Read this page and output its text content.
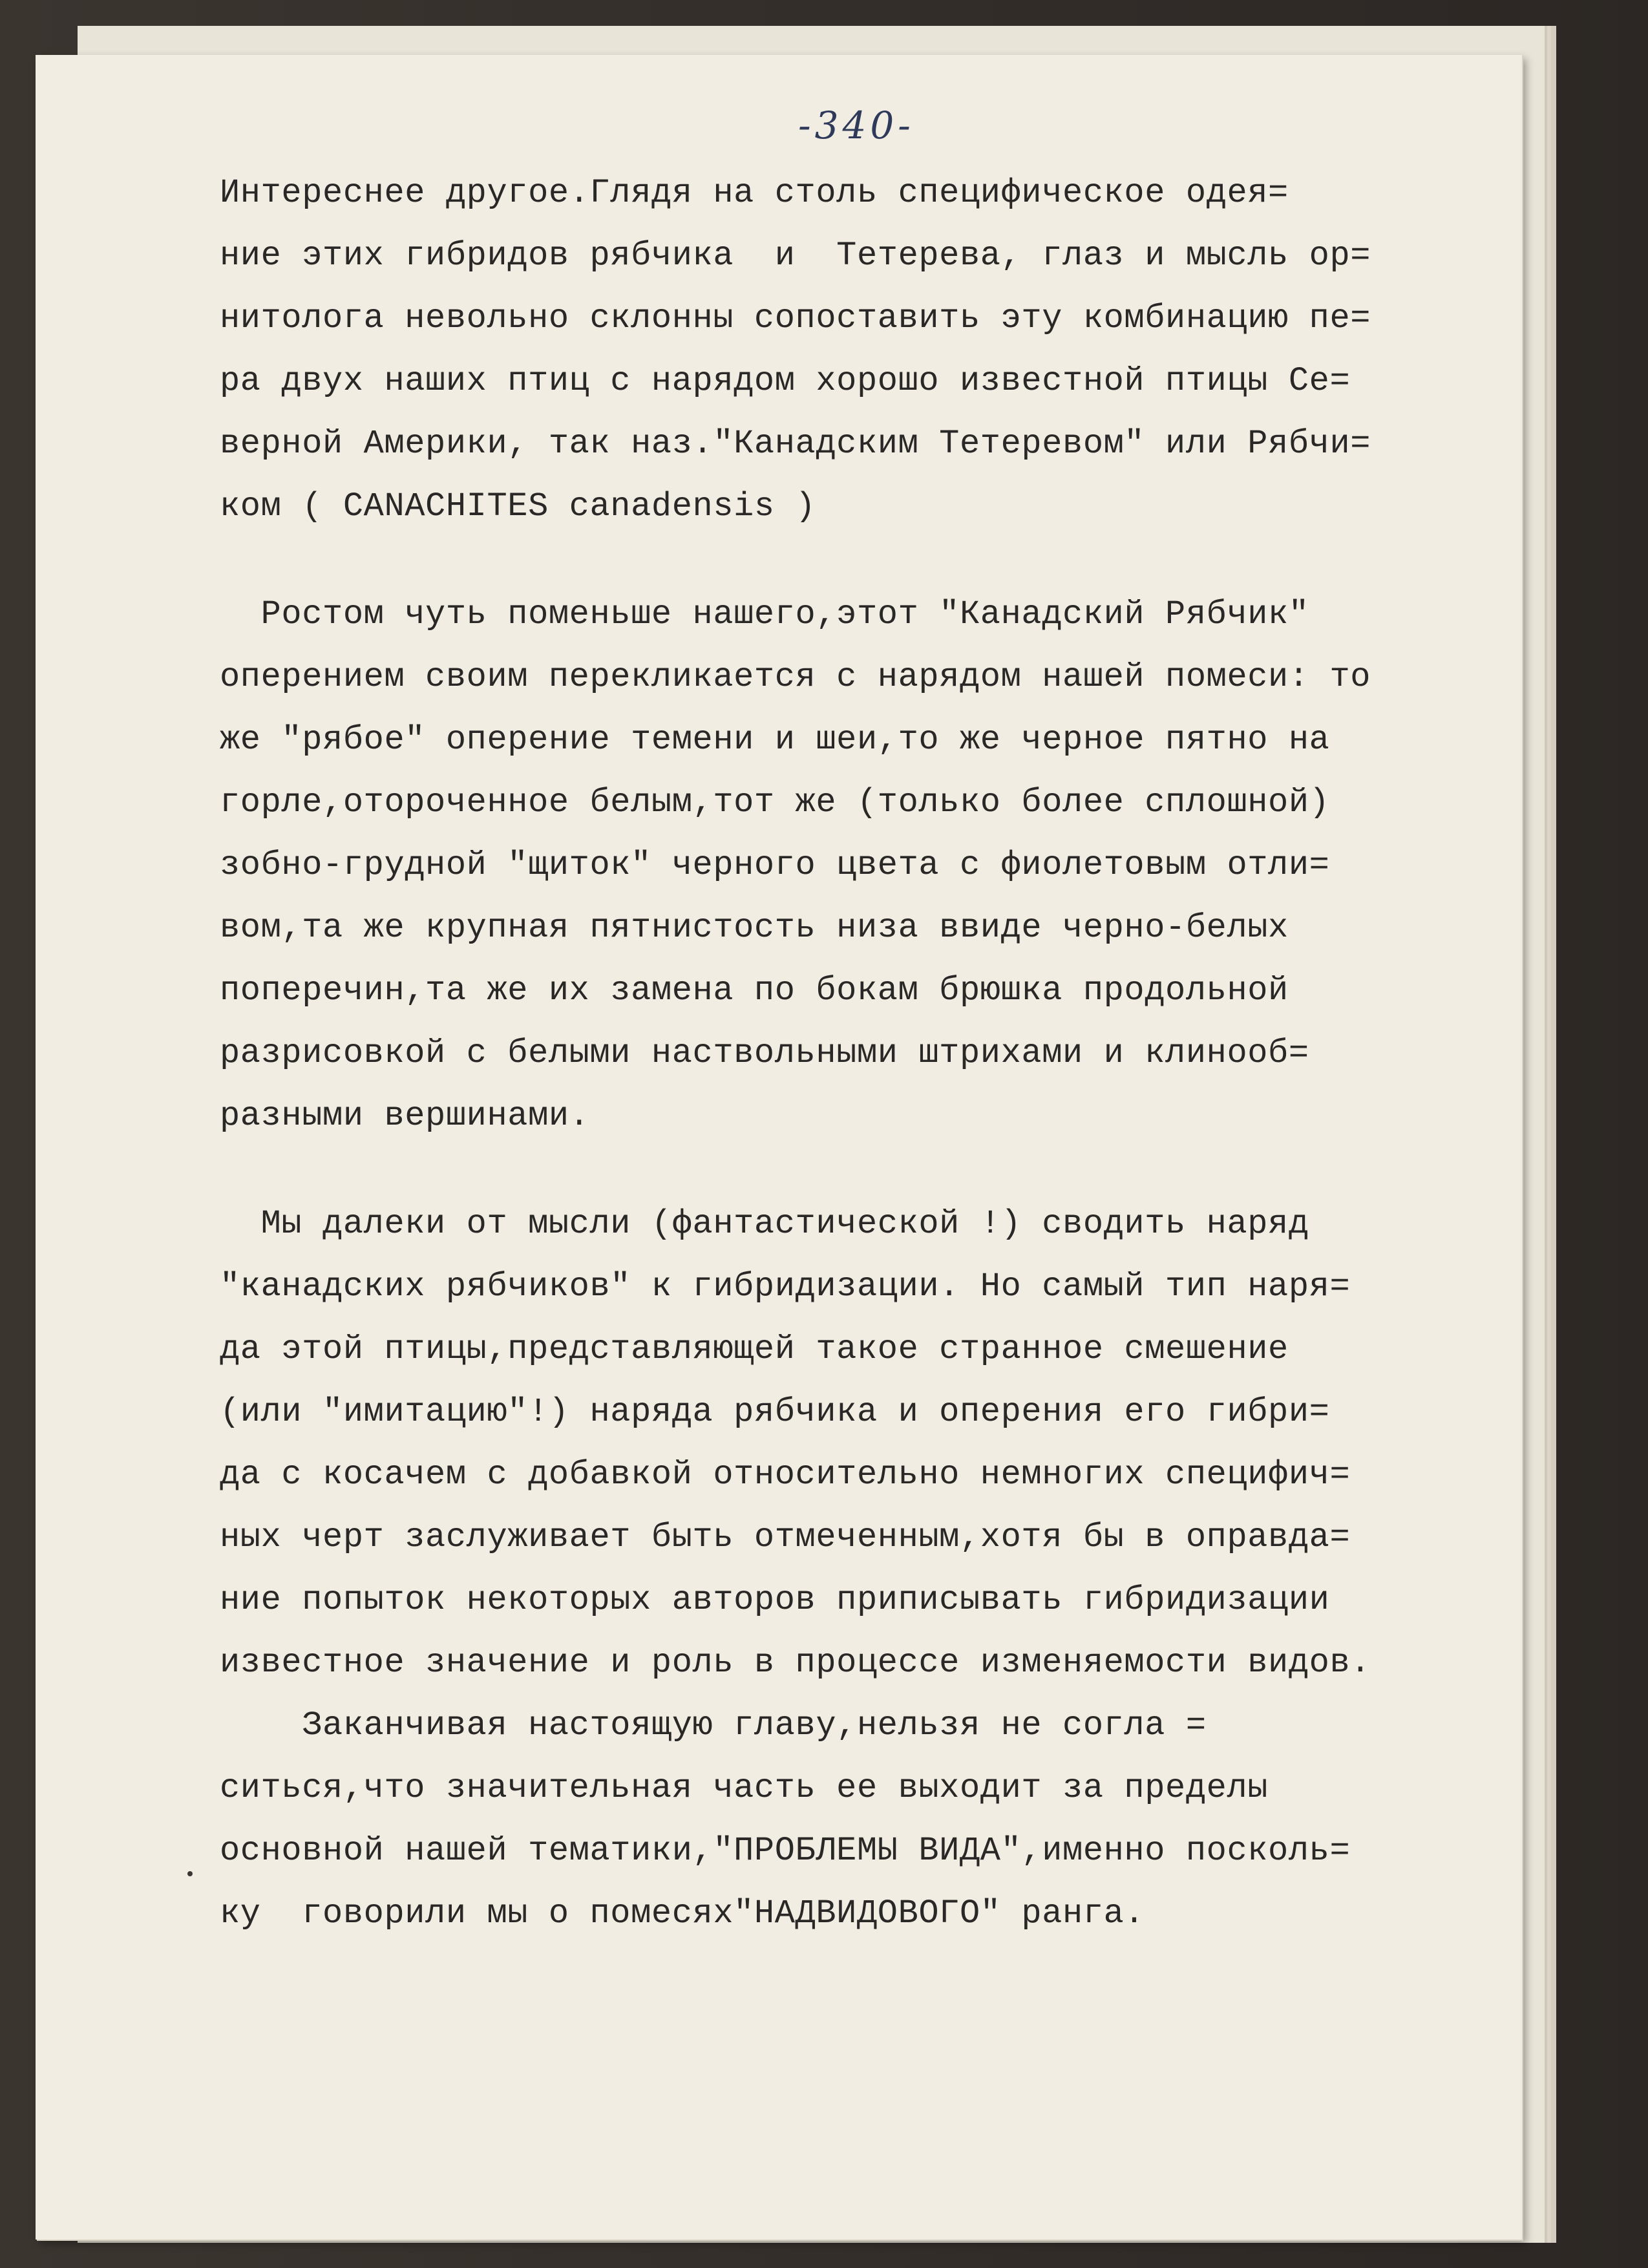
-340-
Интереснее другое.Глядя на столь специфическое одея=
ние этих гибридов рябчика  и  Тетерева, глаз и мысль ор=
нитолога невольно склонны сопоставить эту комбинацию пе=
ра двух наших птиц с нарядом хорошо известной птицы Се=
верной Америки, так наз."Канадским Тетеревом" или Рябчи=
ком ( CANACHITES canadensis )
Ростом чуть поменьше нашего,этот "Канадский Рябчик"
оперением своим перекликается с нарядом нашей помеси: то
же "рябое" оперение темени и шеи,то же черное пятно на
горле,отороченное белым,тот же (только более сплошной)
зобно-грудной "щиток" черного цвета с фиолетовым отли=
вом,та же крупная пятнистость низа ввиде черно-белых
поперечин,та же их замена по бокам брюшка продольной
разрисовкой с белыми наствольными штрихами и клинооб=
разными вершинами.
Мы далеки от мысли (фантастической !) сводить наряд
"канадских рябчиков" к гибридизации. Но самый тип наря=
да этой птицы,представляющей такое странное смешение
(или "имитацию"!) наряда рябчика и оперения его гибри=
да с косачем с добавкой относительно немногих специфич=
ных черт заслуживает быть отмеченным,хотя бы в оправда=
ние попыток некоторых авторов приписывать гибридизации
известное значение и роль в процессе изменяемости видов.
Заканчивая настоящую главу,нельзя не согла =
ситься,что значительная часть ее выходит за пределы
основной нашей тематики,"ПРОБЛЕМЫ ВИДА",именно посколь=
ку  говорили мы о помесях"НАДВИДОВОГО" ранга.
